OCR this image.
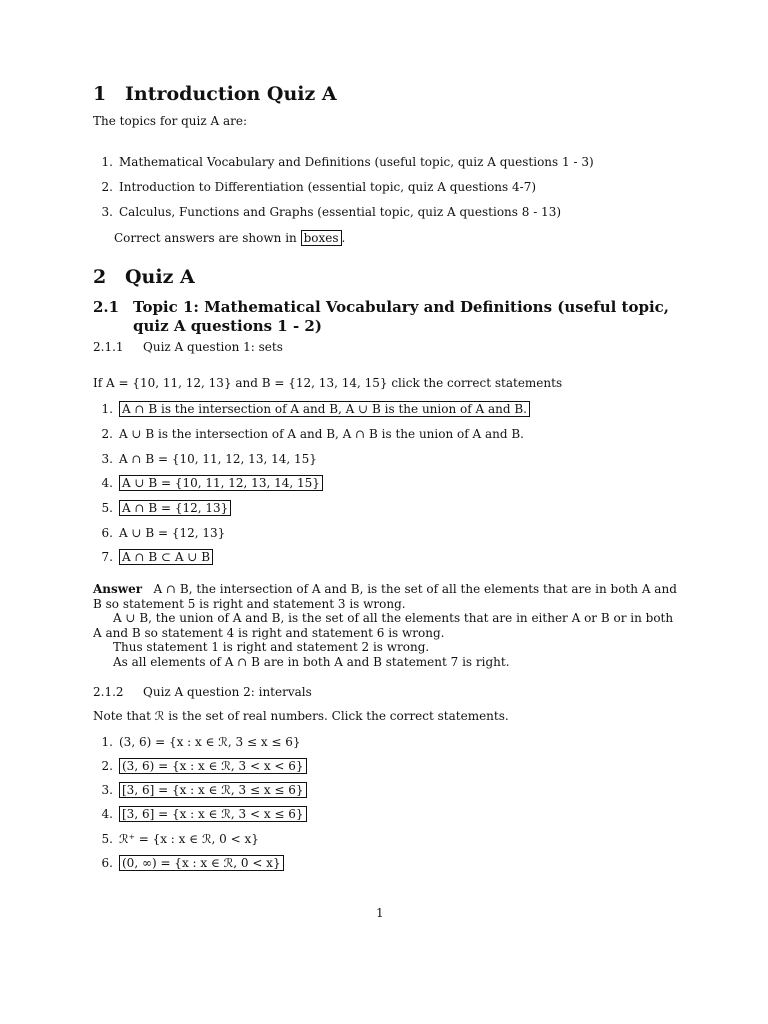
1 Introduction Quiz A
The topics for quiz A are:
1. Mathematical Vocabulary and Definitions (useful topic, quiz A questions 1 - 3)
2. Introduction to Differentiation (essential topic, quiz A questions 4-7)
3. Calculus, Functions and Graphs (essential topic, quiz A questions 8 - 13)
Correct answers are shown in boxes .
2 Quiz A
2.1 Topic 1: Mathematical Vocabulary and Definitions (useful topic, quiz A questions 1 - 2)
2.1.1 Quiz A question 1: sets
If A = {10, 11, 12, 13} and B = {12, 13, 14, 15} click the correct statements
1. A ∩ B is the intersection of A and B, A ∪ B is the union of A and B.
2. A ∪ B is the intersection of A and B, A ∩ B is the union of A and B.
3. A ∩ B = {10, 11, 12, 13, 14, 15}
4. A ∪ B = {10, 11, 12, 13, 14, 15}
5. A ∩ B = {12, 13}
6. A ∪ B = {12, 13}
7. A ∩ B ⊂ A ∪ B
Answer A ∩ B, the intersection of A and B, is the set of all the elements that are in both A and B so statement 5 is right and statement 3 is wrong.
A ∪ B, the union of A and B, is the set of all the elements that are in either A or B or in both A and B so statement 4 is right and statement 6 is wrong.
Thus statement 1 is right and statement 2 is wrong.
As all elements of A ∩ B are in both A and B statement 7 is right.
2.1.2 Quiz A question 2: intervals
Note that ℛ is the set of real numbers. Click the correct statements.
1. (3, 6) = {x : x ∈ ℛ, 3 ≤ x ≤ 6}
2. (3, 6) = {x : x ∈ ℛ, 3 < x < 6}
3. [3, 6] = {x : x ∈ ℛ, 3 ≤ x ≤ 6}
4. [3, 6] = {x : x ∈ ℛ, 3 < x ≤ 6}
5. ℛ⁺ = {x : x ∈ ℛ, 0 < x}
6. (0, ∞) = {x : x ∈ ℛ, 0 < x}
1
